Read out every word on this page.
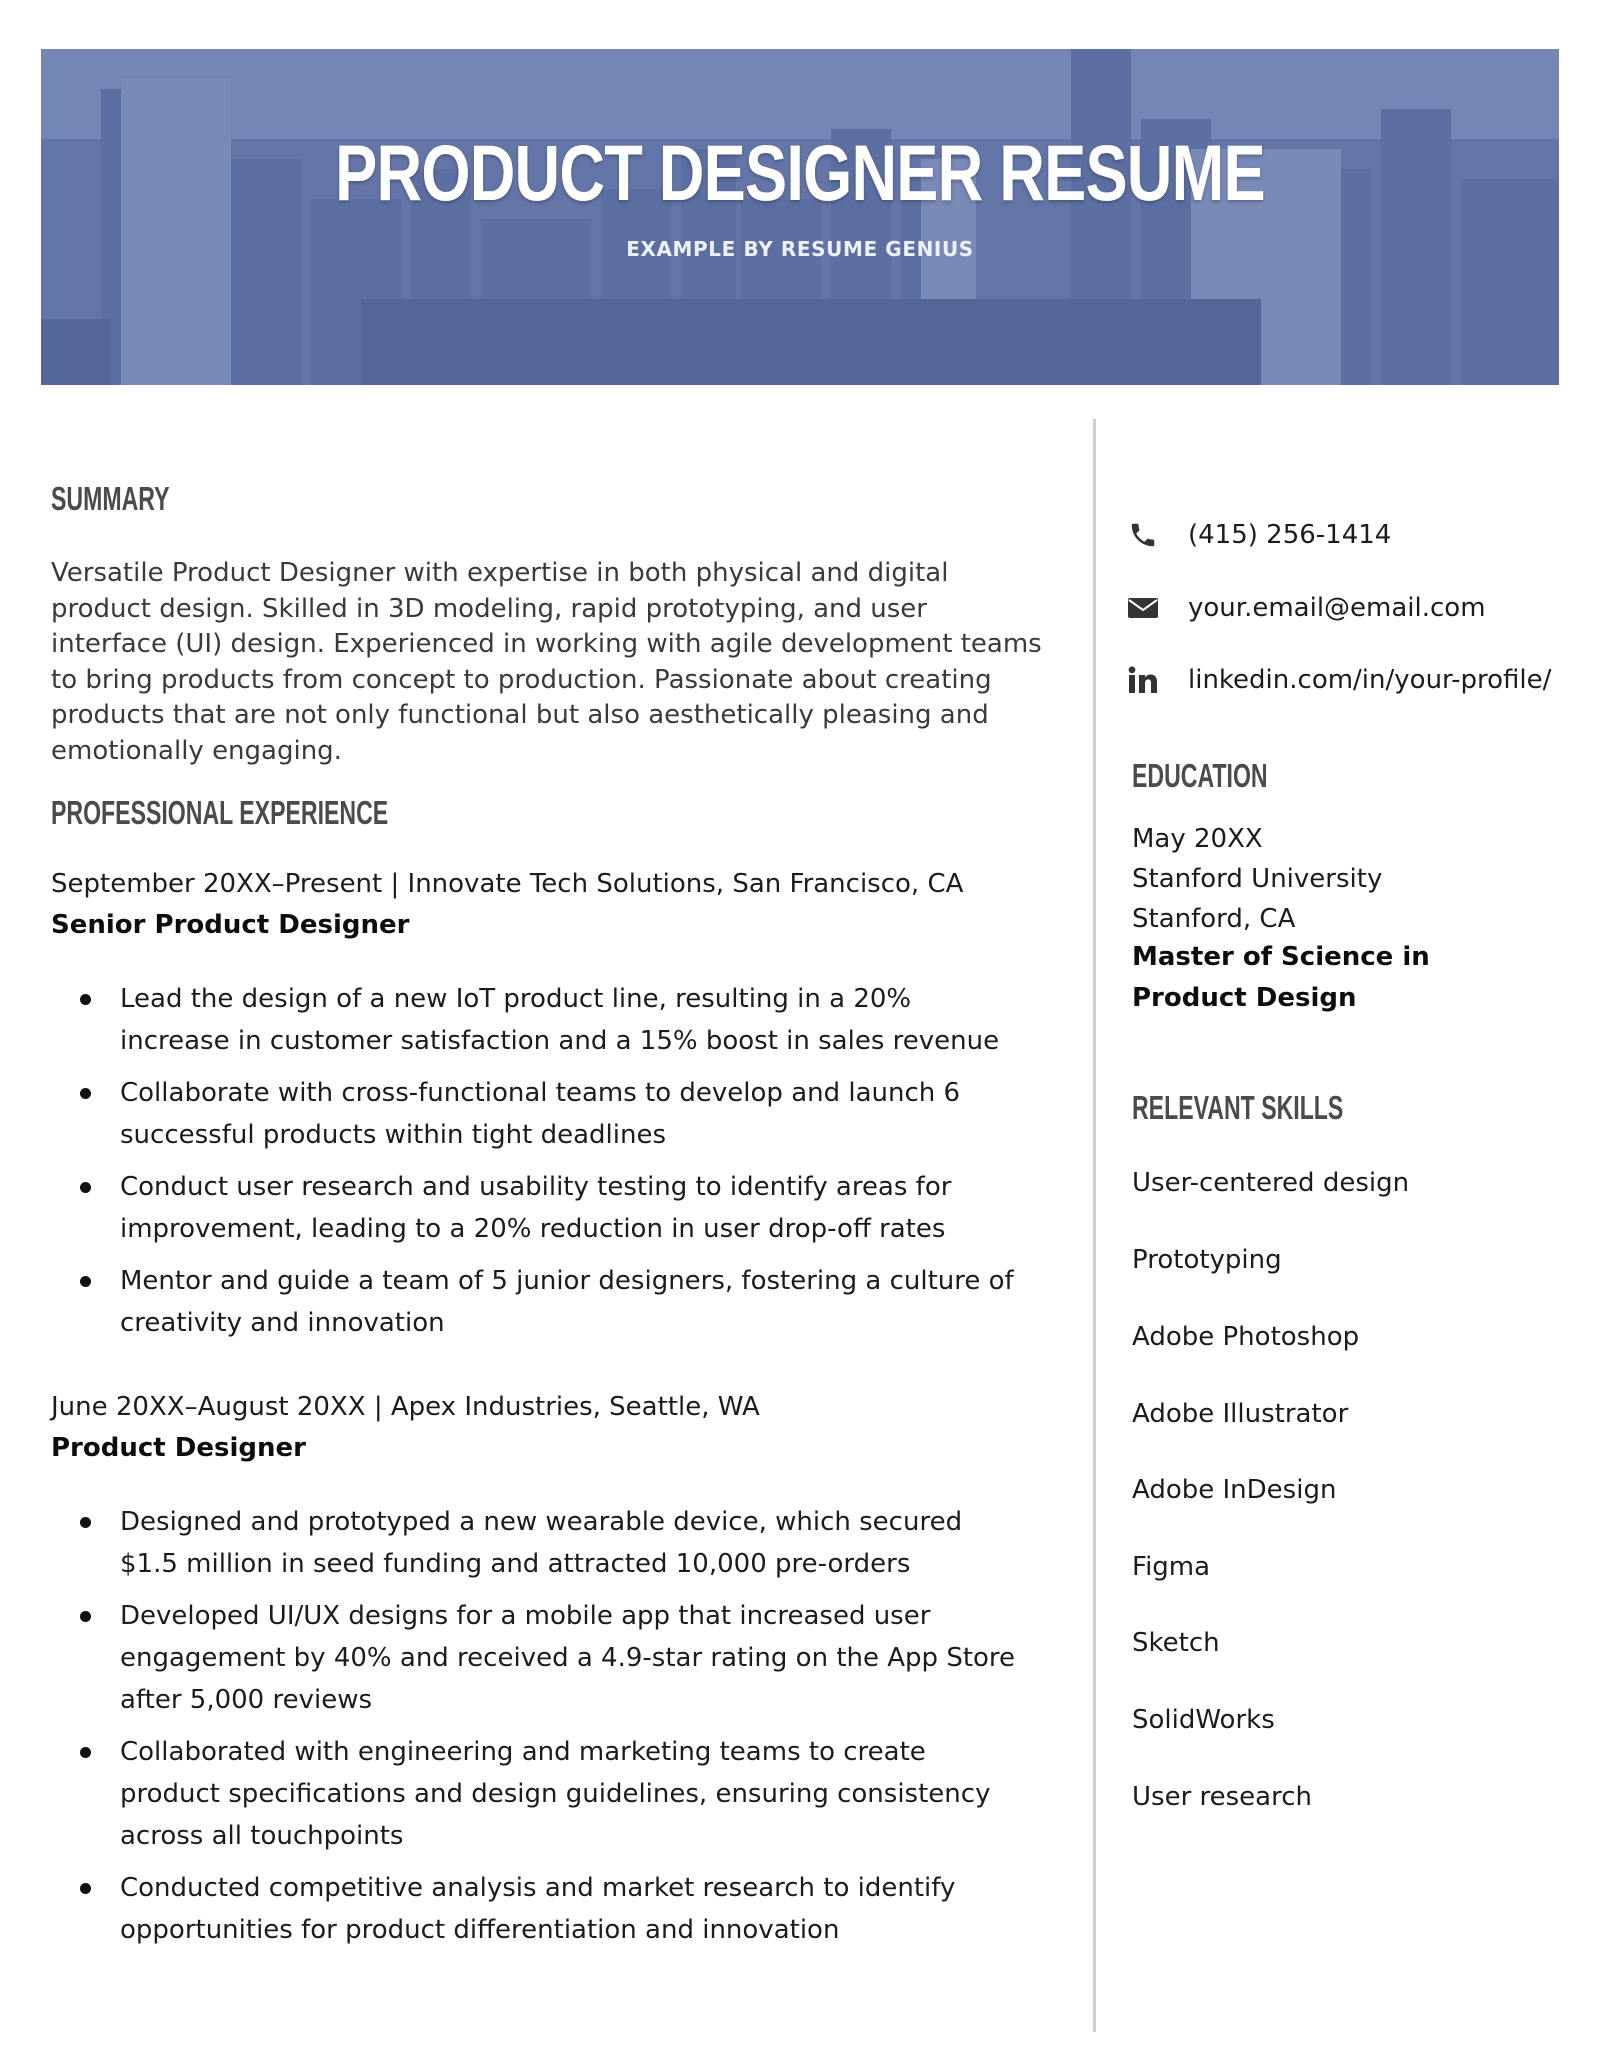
PRODUCT DESIGNER RESUME
EXAMPLE BY RESUME GENIUS
SUMMARY
Versatile Product Designer with expertise in both physical and digital product design. Skilled in 3D modeling, rapid prototyping, and user interface (UI) design. Experienced in working with agile development teams to bring products from concept to production. Passionate about creating products that are not only functional but also aesthetically pleasing and emotionally engaging.
PROFESSIONAL EXPERIENCE
September 20XX–Present | Innovate Tech Solutions, San Francisco, CA
Senior Product Designer
Lead the design of a new IoT product line, resulting in a 20% increase in customer satisfaction and a 15% boost in sales revenue
Collaborate with cross-functional teams to develop and launch 6 successful products within tight deadlines
Conduct user research and usability testing to identify areas for improvement, leading to a 20% reduction in user drop-off rates
Mentor and guide a team of 5 junior designers, fostering a culture of creativity and innovation
June 20XX–August 20XX | Apex Industries, Seattle, WA
Product Designer
Designed and prototyped a new wearable device, which secured $1.5 million in seed funding and attracted 10,000 pre-orders
Developed UI/UX designs for a mobile app that increased user engagement by 40% and received a 4.9-star rating on the App Store after 5,000 reviews
Collaborated with engineering and marketing teams to create product specifications and design guidelines, ensuring consistency across all touchpoints
Conducted competitive analysis and market research to identify opportunities for product differentiation and innovation
(415) 256-1414
your.email@email.com
linkedin.com/in/your-profile/
EDUCATION
May 20XX
Stanford University
Stanford, CA
Master of Science in Product Design
RELEVANT SKILLS
User-centered design
Prototyping
Adobe Photoshop
Adobe Illustrator
Adobe InDesign
Figma
Sketch
SolidWorks
User research
